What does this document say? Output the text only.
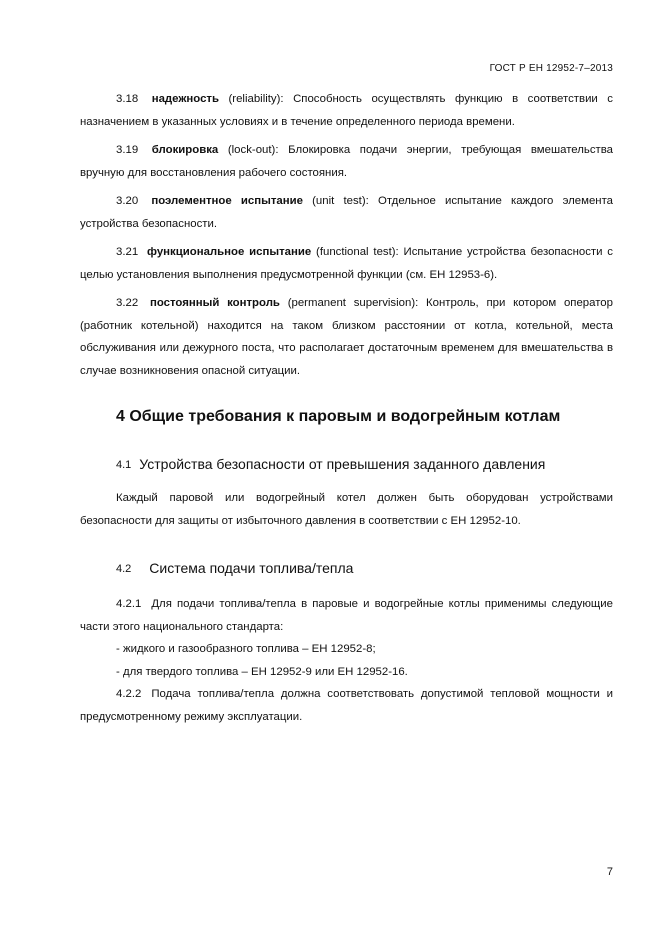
ГОСТ Р ЕН 12952-7–2013

3.18 надежность (reliability): Способность осуществлять функцию в соответствии с назначением в указанных условиях и в течение определенного периода времени.

3.19 блокировка (lock-out): Блокировка подачи энергии, требующая вмешательства вручную для восстановления рабочего состояния.

3.20 поэлементное испытание (unit test): Отдельное испытание каждого элемента устройства безопасности.

3.21 функциональное испытание (functional test): Испытание устройства безопасности с целью установления выполнения предусмотренной функции (см. ЕН 12953-6).

3.22 постоянный контроль (permanent supervision): Контроль, при котором оператор (работник котельной) находится на таком близком расстоянии от котла, котельной, места обслуживания или дежурного поста, что располагает достаточным временем для вмешательства в случае возникновения опасной ситуации.

4 Общие требования к паровым и водогрейным котлам
4.1 Устройства безопасности от превышения заданного давления

Каждый паровой или водогрейный котел должен быть оборудован устройствами безопасности для защиты от избыточного давления в соответствии с ЕН 12952-10.

4.2 Система подачи топлива/тепла

4.2.1 Для подачи топлива/тепла в паровые и водогрейные котлы применимы следующие части этого национального стандарта:

- жидкого и газообразного топлива – ЕН 12952-8;

- для твердого топлива – ЕН 12952-9 или ЕН 12952-16.

4.2.2 Подача топлива/тепла должна соответствовать допустимой тепловой мощности и предусмотренному режиму эксплуатации.

7
